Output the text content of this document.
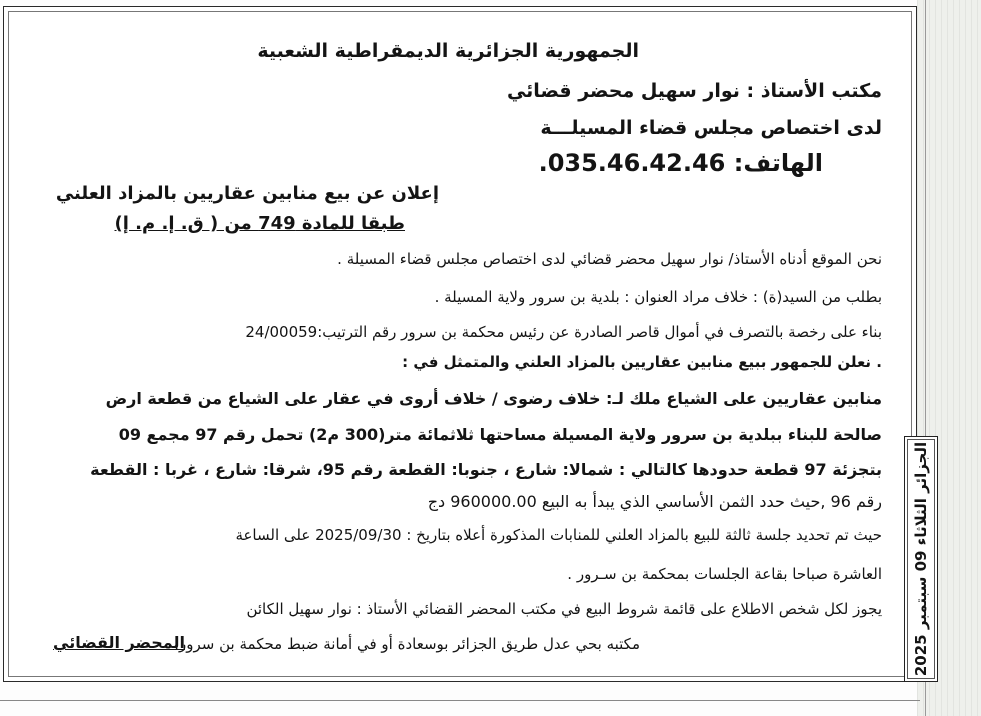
الجمهورية الجزائرية الديمقراطية الشعبية
مكتب الأستاذ : نوار سهيل محضر قضائي
لدى اختصاص مجلس قضاء المسيلـــة
الهاتف: 035.46.42.46.
إعلان عن بيع منابين عقاريين بالمزاد العلني
طبقا للمادة 749 من ( ق. إ. م. إ)
نحن الموقع أدناه الأستاذ/ نوار سهيل محضر قضائي لدى اختصاص مجلس قضاء المسيلة .
بطلب من السيد(ة) : خلاف مراد العنوان : بلدية بن سرور ولاية المسيلة .
بناء على رخصة بالتصرف في أموال قاصر الصادرة عن رئيس محكمة بن سرور رقم الترتيب:24/00059
. نعلن للجمهور ببيع منابين عقاريين بالمزاد العلني والمتمثل في :
منابين عقاريين على الشياع ملك لـ: خلاف رضوى / خلاف أروى في عقار على الشياع من قطعة ارض
صالحة للبناء ببلدية بن سرور ولاية المسيلة مساحتها ثلاثمائة متر(300 م2) تحمل رقم 97 مجمع 09
بتجزئة 97 قطعة حدودها كالتالي : شمالا: شارع ، جنوبا: القطعة رقم 95، شرقا: شارع ، غربا : القطعة
رقم 96 ,حيث حدد الثمن الأساسي الذي يبدأ به البيع 960000.00 دج
حيث تم تحديد جلسة ثالثة للبيع بالمزاد العلني للمنابات المذكورة أعلاه بتاريخ : 2025/09/30 على الساعة
العاشرة صباحا بقاعة الجلسات بمحكمة بن سـرور .
يجوز لكل شخص الاطلاع على قائمة شروط البيع في مكتب المحضر القضائي الأستاذ : نوار سهيل الكائن
مكتبه بحي عدل طريق الجزائر بوسعادة أو في أمانة ضبط محكمة بن سرور.
المحضر القضائي	الجزائر الثلاثاء 09 سبتمبر 2025
